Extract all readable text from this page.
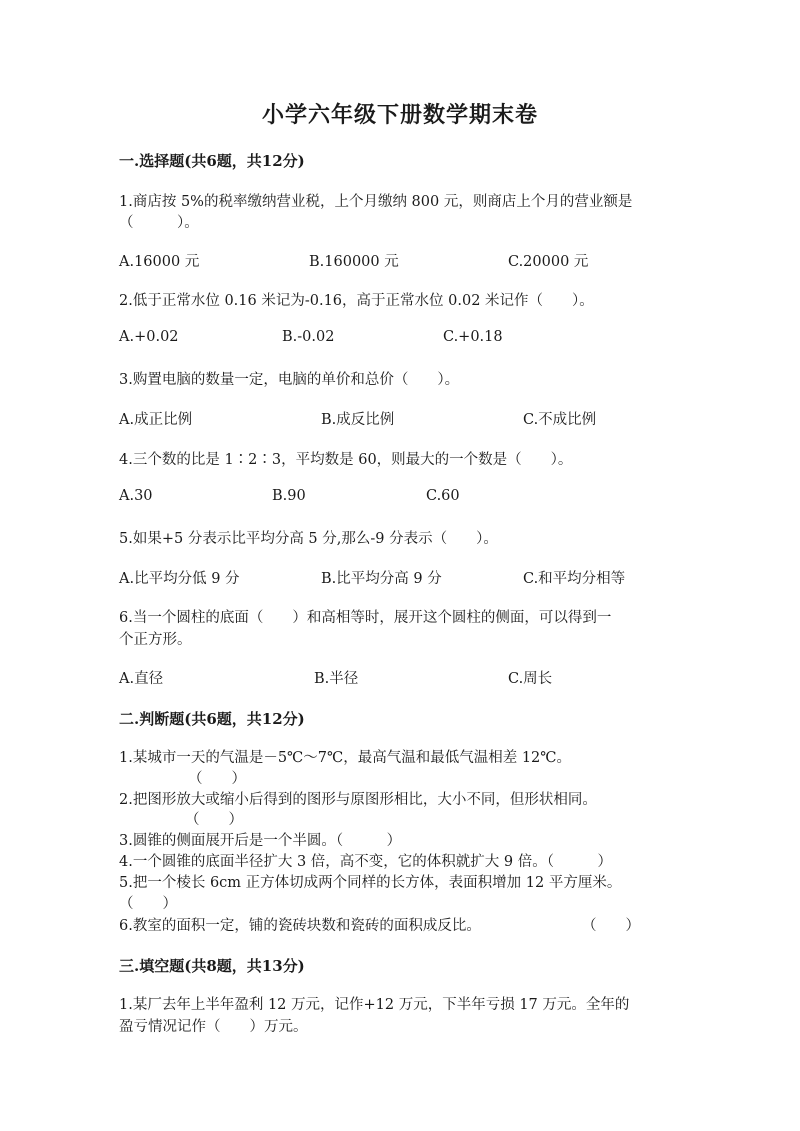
小学六年级下册数学期末卷
一.选择题(共6题，共12分)
1.商店按 5%的税率缴纳营业税，上个月缴纳 800 元，则商店上个月的营业额是
（　　　）。
A.16000 元	B.160000 元	C.20000 元
2.低于正常水位 0.16 米记为-0.16，高于正常水位 0.02 米记作（　　）。
A.+0.02	B.-0.02	C.+0.18
3.购置电脑的数量一定，电脑的单价和总价（　　）。
A.成正比例	B.成反比例	C.不成比例
4.三个数的比是 1∶2∶3，平均数是 60，则最大的一个数是（　　）。
A.30	B.90	C.60
5.如果+5 分表示比平均分高 5 分,那么-9 分表示（　　）。
A.比平均分低 9 分	B.比平均分高 9 分	C.和平均分相等
6.当一个圆柱的底面（　　）和高相等时，展开这个圆柱的侧面，可以得到一
个正方形。
A.直径	B.半径	C.周长
二.判断题(共6题，共12分)
1.某城市一天的气温是－5℃～7℃，最高气温和最低气温相差 12℃。
（　　）
2.把图形放大或缩小后得到的图形与原图形相比，大小不同，但形状相同。
（　　）
3.圆锥的侧面展开后是一个半圆。（　　　）
4.一个圆锥的底面半径扩大 3 倍，高不变，它的体积就扩大 9 倍。（　　　）
5.把一个棱长 6cm 正方体切成两个同样的长方体，表面积增加 12 平方厘米。
（　　）
6.教室的面积一定，铺的瓷砖块数和瓷砖的面积成反比。	（　　）
三.填空题(共8题，共13分)
1.某厂去年上半年盈利 12 万元，记作+12 万元，下半年亏损 17 万元。全年的
盈亏情况记作（　　）万元。
